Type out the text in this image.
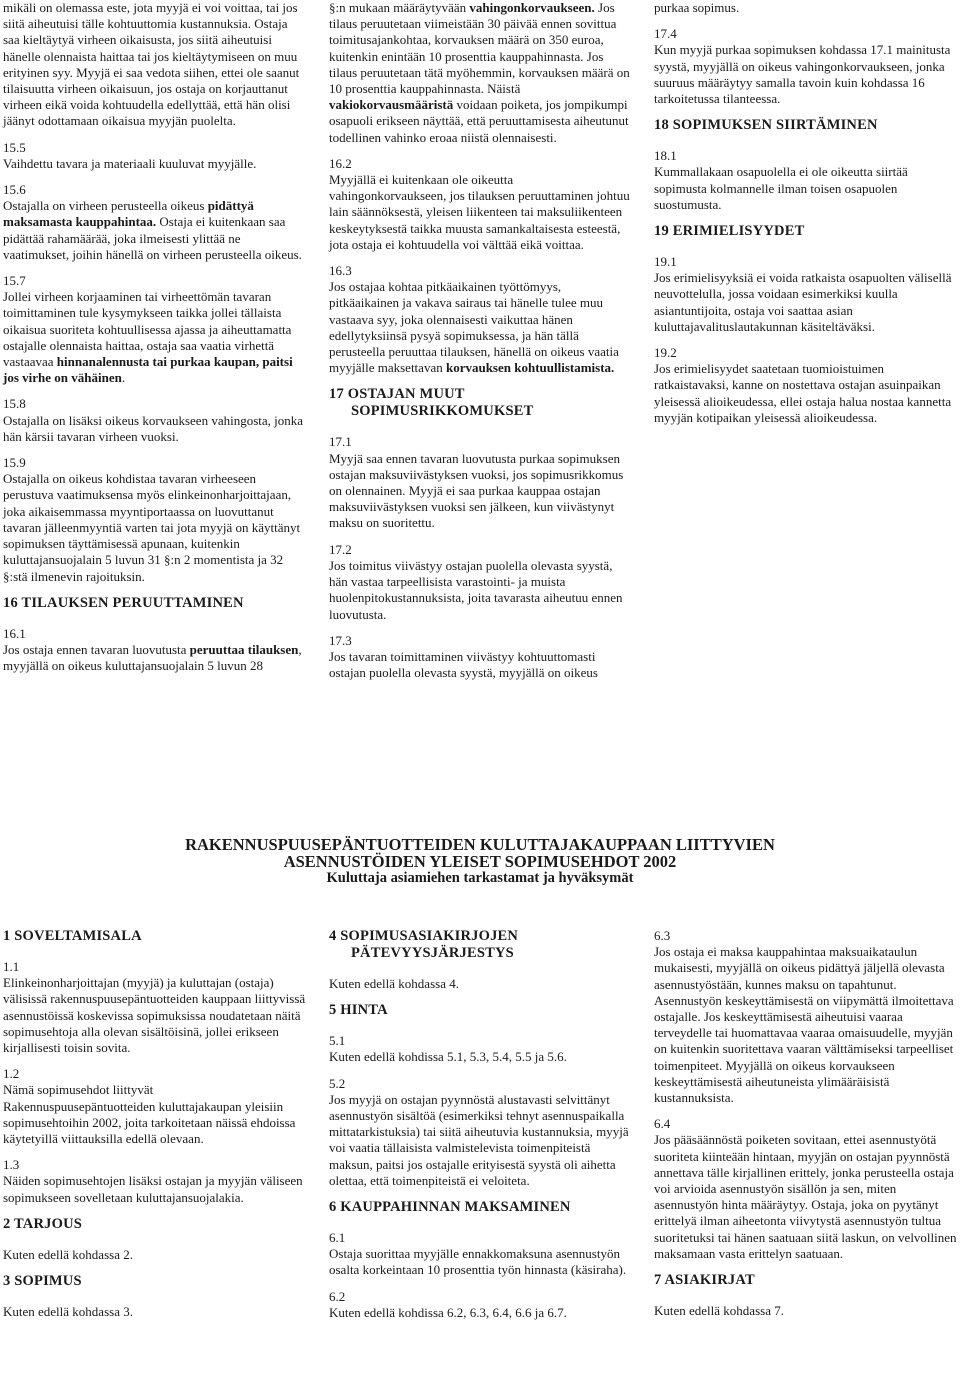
mikäli on olemassa este, jota myyjä ei voi voittaa, tai jos siitä aiheutuisi tälle kohtuuttomia kustannuksia. Ostaja saa kieltäytyä virheen oikaisusta, jos siitä aiheutuisi hänelle olennaista haittaa tai jos kieltäytymiseen on muu erityinen syy. Myyjä ei saa vedota siihen, ettei ole saanut tilaisuutta virheen oikaisuun, jos ostaja on korjauttanut virheen eikä voida kohtuudella edellyttää, että hän olisi jäänyt odottamaan oikaisua myyjän puolelta.
15.5
Vaihdettu tavara ja materiaali kuuluvat myyjälle.
15.6
Ostajalla on virheen perusteella oikeus pidättyä maksamasta kauppahintaa. Ostaja ei kuitenkaan saa pidättää rahamäärää, joka ilmeisesti ylittää ne vaatimukset, joihin hänellä on virheen perusteella oikeus.
15.7
Jollei virheen korjaaminen tai virheettömän tavaran toimittaminen tule kysymykseen taikka jollei tällaista oikaisua suoriteta kohtuullisessa ajassa ja aiheuttamatta ostajalle olennaista haittaa, ostaja saa vaatia virhettä vastaavaa hinnanalennusta tai purkaa kaupan, paitsi jos virhe on vähäinen.
15.8
Ostajalla on lisäksi oikeus korvaukseen vahingosta, jonka hän kärsii tavaran virheen vuoksi.
15.9
Ostajalla on oikeus kohdistaa tavaran virheeseen perustuva vaatimuksensa myös elinkeinonharjoittajaan, joka aikaisemmassa myyntiportaassa on luovuttanut tavaran jälleenmyyntiä varten tai jota myyjä on käyttänyt sopimuksen täyttämisessä apunaan, kuitenkin kuluttajansuojalain 5 luvun 31 §:n 2 momentista ja 32 §:stä ilmenevin rajoituksin.
16 TILAUKSEN PERUUTTAMINEN
16.1
Jos ostaja ennen tavaran luovutusta peruuttaa tilauksen, myyjällä on oikeus kuluttajansuojalain 5 luvun 28
§:n mukaan määräytyvään vahingonkorvaukseen. Jos tilaus peruutetaan viimeistään 30 päivää ennen sovittua toimitusajankohtaa, korvauksen määrä on 350 euroa, kuitenkin enintään 10 prosenttia kauppahinnasta. Jos tilaus peruutetaan tätä myöhemmin, korvauksen määrä on 10 prosenttia kauppahinnasta. Näistä vakiokorvausmääristä voidaan poiketa, jos jompikumpi osapuoli erikseen näyttää, että peruuttamisesta aiheutunut todellinen vahinko eroaa niistä olennaisesti.
16.2
Myyjällä ei kuitenkaan ole oikeutta vahingonkorvaukseen, jos tilauksen peruuttaminen johtuu lain säännöksestä, yleisen liikenteen tai maksuliikenteen keskeytyksestä taikka muusta samankaltaisesta esteestä, jota ostaja ei kohtuudella voi välttää eikä voittaa.
16.3
Jos ostajaa kohtaa pitkäaikainen työttömyys, pitkäaikainen ja vakava sairaus tai hänelle tulee muu vastaava syy, joka olennaisesti vaikuttaa hänen edellytyksiinsä pysyä sopimuksessa, ja hän tällä perusteella peruuttaa tilauksen, hänellä on oikeus vaatia myyjälle maksettavan korvauksen kohtuullistamista.
17 OSTAJAN MUUT
SOPIMUSRIKKOMUKSET
17.1
Myyjä saa ennen tavaran luovutusta purkaa sopimuksen ostajan maksuviivästyksen vuoksi, jos sopimusrikkomus on olennainen. Myyjä ei saa purkaa kauppaa ostajan maksuviivästyksen vuoksi sen jälkeen, kun viivästynyt maksu on suoritettu.
17.2
Jos toimitus viivästyy ostajan puolella olevasta syystä, hän vastaa tarpeellisista varastointi- ja muista huolenpitokustannuksista, joita tavarasta aiheutuu ennen luovutusta.
17.3
Jos tavaran toimittaminen viivästyy kohtuuttomasti ostajan puolella olevasta syystä, myyjällä on oikeus
purkaa sopimus.
17.4
Kun myyjä purkaa sopimuksen kohdassa 17.1 mainitusta syystä, myyjällä on oikeus vahingonkorvaukseen, jonka suuruus määräytyy samalla tavoin kuin kohdassa 16 tarkoitetussa tilanteessa.
18 SOPIMUKSEN SIIRTÄMINEN
18.1
Kummallakaan osapuolella ei ole oikeutta siirtää sopimusta kolmannelle ilman toisen osapuolen suostumusta.
19 ERIMIELISYYDET
19.1
Jos erimielisyyksiä ei voida ratkaista osapuolten välisellä neuvottelulla, jossa voidaan esimerkiksi kuulla asiantuntijoita, ostaja voi saattaa asian kuluttajavalituslautakunnan käsiteltäväksi.
19.2
Jos erimielisyydet saatetaan tuomioistuimen ratkaistavaksi, kanne on nostettava ostajan asuinpaikan yleisessä alioikeudessa, ellei ostaja halua nostaa kannetta myyjän kotipaikan yleisessä alioikeudessa.
RAKENNUSPUUSEPÄNTUOTTEIDEN KULUTTAJAKAUPPAAN LIITTYVIEN
ASENNUSTÖIDEN YLEISET SOPIMUSEHDOT 2002
Kuluttaja asiamiehen tarkastamat ja hyväksymät
1 SOVELTAMISALA
1.1
Elinkeinonharjoittajan (myyjä) ja kuluttajan (ostaja) välisissä rakennuspuusepäntuotteiden kauppaan liittyvissä asennustöissä koskevissa sopimuksissa noudatetaan näitä sopimusehtoja alla olevan sisältöisinä, jollei erikseen kirjallisesti toisin sovita.
1.2
Nämä sopimusehdot liittyvät Rakennuspuusepäntuotteiden kuluttajakaupan yleisiin sopimusehtoihin 2002, joita tarkoitetaan näissä ehdoissa käytetyillä viittauksilla edellä olevaan.
1.3
Näiden sopimusehtojen lisäksi ostajan ja myyjän väliseen sopimukseen sovelletaan kuluttajansuojalakia.
2 TARJOUS
Kuten edellä kohdassa 2.
3 SOPIMUS
Kuten edellä kohdassa 3.
4 SOPIMUSASIAKIRJOJEN
PÄTEVYYSJÄRJESTYS
Kuten edellä kohdassa 4.
5 HINTA
5.1
Kuten edellä kohdissa 5.1, 5.3, 5.4, 5.5 ja 5.6.
5.2
Jos myyjä on ostajan pyynnöstä alustavasti selvittänyt asennustyön sisältöä (esimerkiksi tehnyt asennuspaikalla mittatarkistuksia) tai siitä aiheutuvia kustannuksia, myyjä voi vaatia tällaisista valmistelevista toimenpiteistä maksun, paitsi jos ostajalle erityisestä syystä oli aihetta olettaa, että toimenpiteistä ei veloiteta.
6 KAUPPAHINNAN MAKSAMINEN
6.1
Ostaja suorittaa myyjälle ennakkomaksuna asennustyön osalta korkeintaan 10 prosenttia työn hinnasta (käsiraha).
6.2
Kuten edellä kohdissa 6.2, 6.3, 6.4, 6.6 ja 6.7.
6.3
Jos ostaja ei maksa kauppahintaa maksuaikataulun mukaisesti, myyjällä on oikeus pidättyä jäljellä olevasta asennustyöstään, kunnes maksu on tapahtunut. Asennustyön keskeyttämisestä on viipymättä ilmoitettava ostajalle. Jos keskeyttämisestä aiheutuisi vaaraa terveydelle tai huomattavaa vaaraa omaisuudelle, myyjän on kuitenkin suoritettava vaaran välttämiseksi tarpeelliset toimenpiteet. Myyjällä on oikeus korvaukseen keskeyttämisestä aiheutuneista ylimääräisistä kustannuksista.
6.4
Jos pääsäännöstä poiketen sovitaan, ettei asennustyötä suoriteta kiinteään hintaan, myyjän on ostajan pyynnöstä annettava tälle kirjallinen erittely, jonka perusteella ostaja voi arvioida asennustyön sisällön ja sen, miten asennustyön hinta määräytyy. Ostaja, joka on pyytänyt erittelyä ilman aiheetonta viivytystä asennustyön tultua suoritetuksi tai hänen saatuaan siitä laskun, on velvollinen maksamaan vasta erittelyn saatuaan.
7 ASIAKIRJAT
Kuten edellä kohdassa 7.
